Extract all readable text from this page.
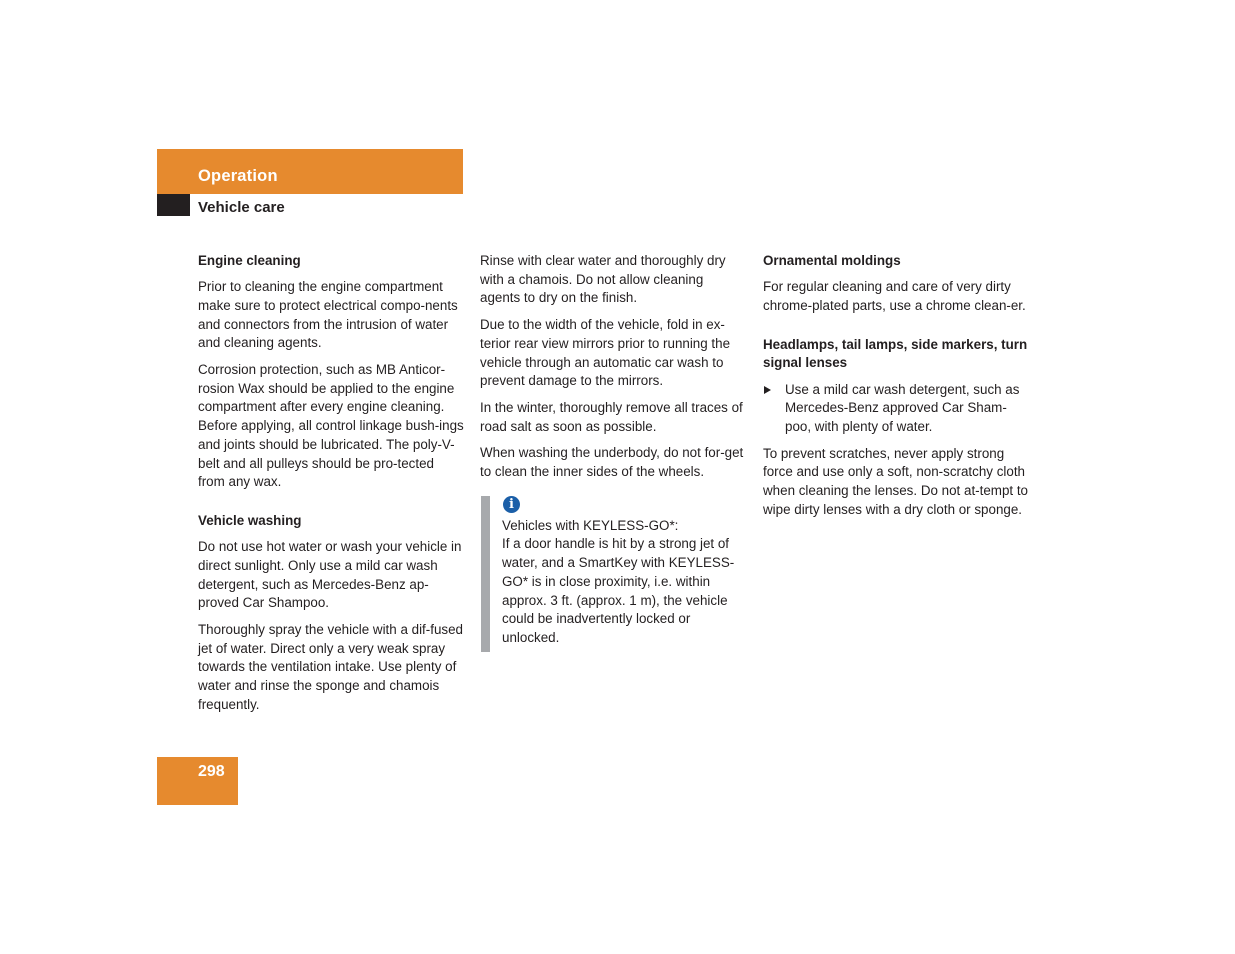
Operation
Vehicle care
Engine cleaning

Prior to cleaning the engine compartment make sure to protect electrical compo-nents and connectors from the intrusion of water and cleaning agents.

Corrosion protection, such as MB Anticor-rosion Wax should be applied to the engine compartment after every engine cleaning. Before applying, all control linkage bush-ings and joints should be lubricated. The poly-V-belt and all pulleys should be pro-tected from any wax.

Vehicle washing

Do not use hot water or wash your vehicle in direct sunlight. Only use a mild car wash detergent, such as Mercedes-Benz ap-proved Car Shampoo.

Thoroughly spray the vehicle with a dif-fused jet of water. Direct only a very weak spray towards the ventilation intake. Use plenty of water and rinse the sponge and chamois frequently.

Rinse with clear water and thoroughly dry with a chamois. Do not allow cleaning agents to dry on the finish.

Due to the width of the vehicle, fold in ex-terior rear view mirrors prior to running the vehicle through an automatic car wash to prevent damage to the mirrors.

In the winter, thoroughly remove all traces of road salt as soon as possible.

When washing the underbody, do not for-get to clean the inner sides of the wheels.

i
Vehicles with KEYLESS-GO*:
If a door handle is hit by a strong jet of water, and a SmartKey with KEYLESS-GO* is in close proximity, i.e. within approx. 3 ft. (approx. 1 m), the vehicle could be inadvertently locked or unlocked.
Ornamental moldings

For regular cleaning and care of very dirty chrome-plated parts, use a chrome clean-er.

Headlamps, tail lamps, side markers, turn signal lenses
Use a mild car wash detergent, such as Mercedes-Benz approved Car Sham-poo, with plenty of water.

To prevent scratches, never apply strong force and use only a soft, non-scratchy cloth when cleaning the lenses. Do not at-tempt to wipe dirty lenses with a dry cloth or sponge.

298
